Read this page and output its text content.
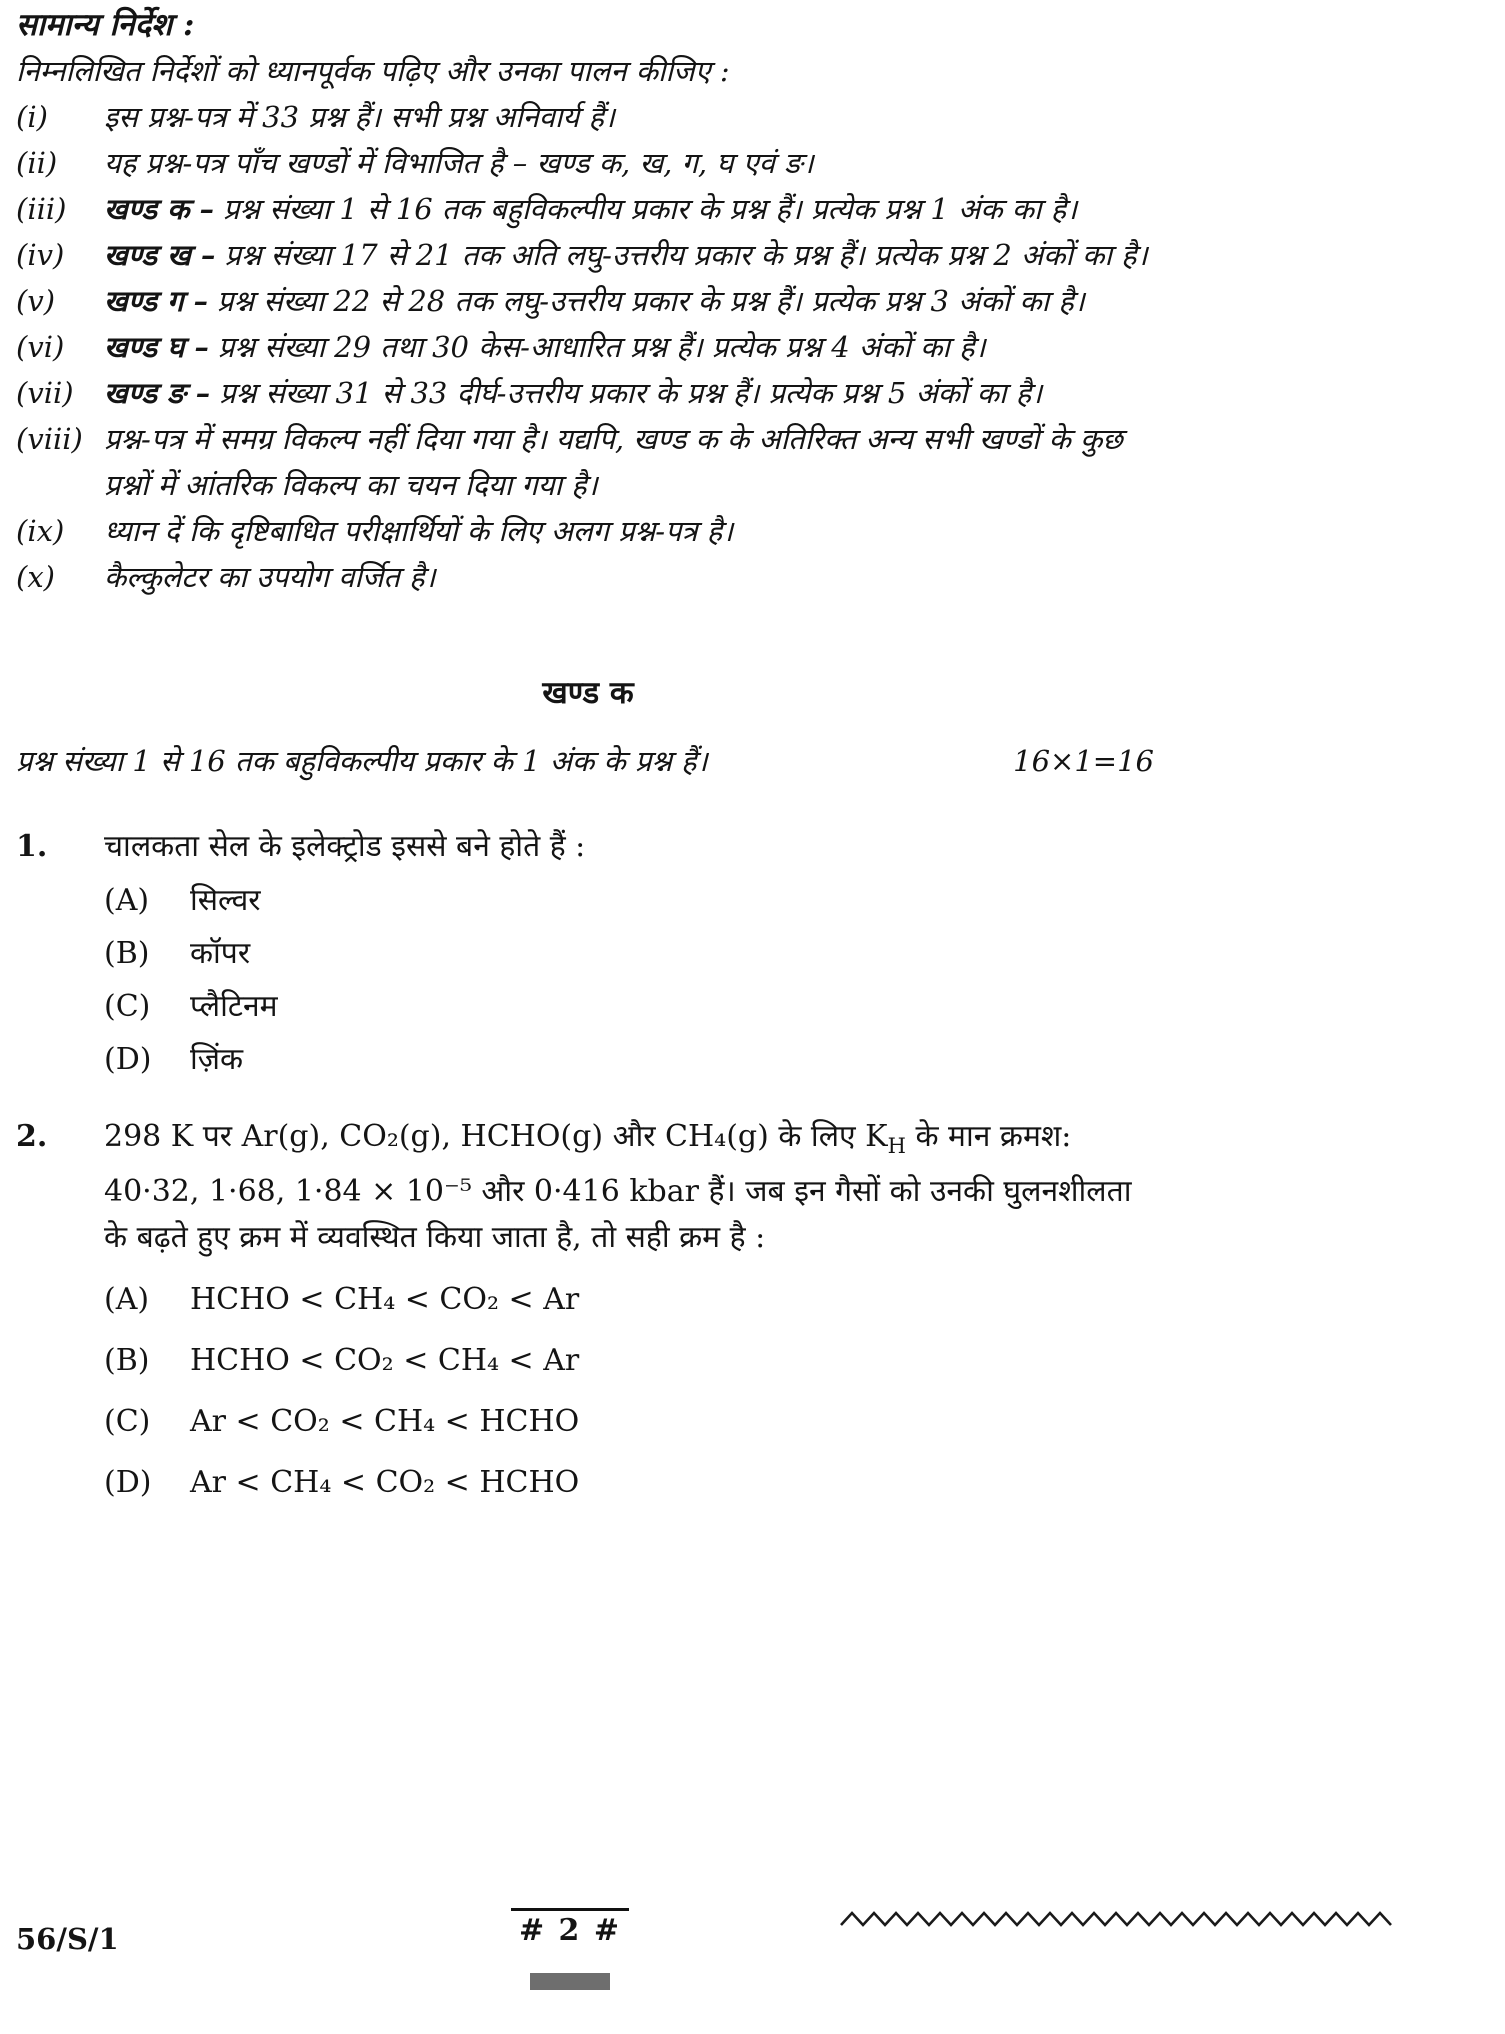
सामान्य निर्देश :
निम्नलिखित निर्देशों को ध्यानपूर्वक पढ़िए और उनका पालन कीजिए :
(i)	इस प्रश्न-पत्र में 33 प्रश्न हैं। सभी प्रश्न अनिवार्य हैं।
(ii)	यह प्रश्न-पत्र पाँच खण्डों में विभाजित है – खण्ड क, ख, ग, घ एवं ङ।
(iii)	खण्ड क – प्रश्न संख्या 1 से 16 तक बहुविकल्पीय प्रकार के प्रश्न हैं। प्रत्येक प्रश्न 1 अंक का है।
(iv)	खण्ड ख – प्रश्न संख्या 17 से 21 तक अति लघु-उत्तरीय प्रकार के प्रश्न हैं। प्रत्येक प्रश्न 2 अंकों का है।
(v)	खण्ड ग – प्रश्न संख्या 22 से 28 तक लघु-उत्तरीय प्रकार के प्रश्न हैं। प्रत्येक प्रश्न 3 अंकों का है।
(vi)	खण्ड घ – प्रश्न संख्या 29 तथा 30 केस-आधारित प्रश्न हैं। प्रत्येक प्रश्न 4 अंकों का है।
(vii)	खण्ड ङ – प्रश्न संख्या 31 से 33 दीर्घ-उत्तरीय प्रकार के प्रश्न हैं। प्रत्येक प्रश्न 5 अंकों का है।
(viii) प्रश्न-पत्र में समग्र विकल्प नहीं दिया गया है। यद्यपि, खण्ड क के अतिरिक्त अन्य सभी खण्डों के कुछ प्रश्नों में आंतरिक विकल्प का चयन दिया गया है।
(ix)	ध्यान दें कि दृष्टिबाधित परीक्षार्थियों के लिए अलग प्रश्न-पत्र है।
(x)	कैल्कुलेटर का उपयोग वर्जित है।
खण्ड क
प्रश्न संख्या 1 से 16 तक बहुविकल्पीय प्रकार के 1 अंक के प्रश्न हैं।	16×1=16
1.	चालकता सेल के इलेक्ट्रोड इससे बने होते हैं :

(A)	सिल्वर
(B)	कॉपर
(C)	प्लैटिनम
(D)	ज़िंक
2.	298 K पर Ar(g), CO₂(g), HCHO(g) और CH₄(g) के लिए $K_H$ के मान क्रमश: 40·32, 1·68, 1·84 × 10⁻⁵ और 0·416 kbar हैं। जब इन गैसों को उनकी घुलनशीलता के बढ़ते हुए क्रम में व्यवस्थित किया जाता है, तो सही क्रम है :

(A)	HCHO < CH₄ < CO₂ < Ar
(B)	HCHO < CO₂ < CH₄ < Ar
(C)	Ar < CO₂ < CH₄ < HCHO
(D)	Ar < CH₄ < CO₂ < HCHO
56/S/1	# 2 #
